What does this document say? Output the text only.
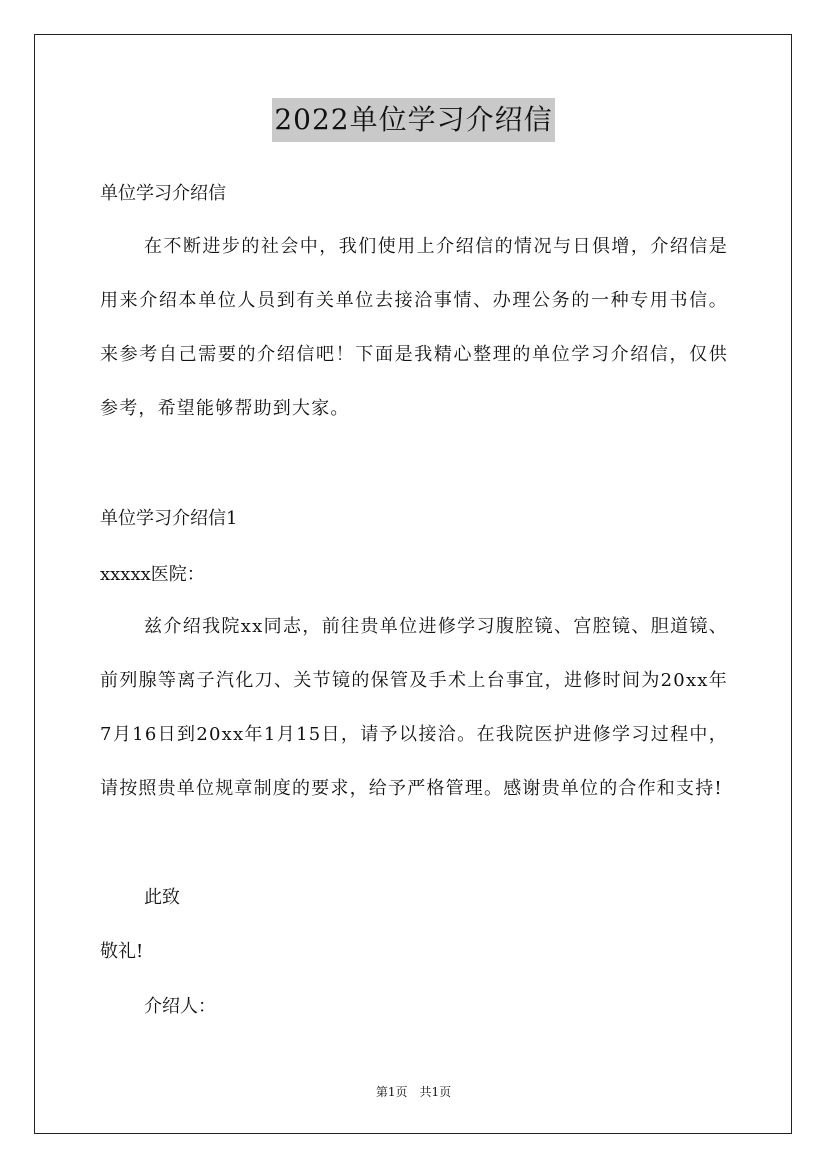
2022单位学习介绍信
单位学习介绍信
在不断进步的社会中，我们使用上介绍信的情况与日俱增，介绍信是用来介绍本单位人员到有关单位去接洽事情、办理公务的一种专用书信。来参考自己需要的介绍信吧！下面是我精心整理的单位学习介绍信，仅供参考，希望能够帮助到大家。
单位学习介绍信1
xxxxx医院：
兹介绍我院xx同志，前往贵单位进修学习腹腔镜、宫腔镜、胆道镜、前列腺等离子汽化刀、关节镜的保管及手术上台事宜，进修时间为20xx年7月16日到20xx年1月15日，请予以接洽。在我院医护进修学习过程中，请按照贵单位规章制度的要求，给予严格管理。感谢贵单位的合作和支持!
此致
敬礼!
介绍人：
第1页　共1页
